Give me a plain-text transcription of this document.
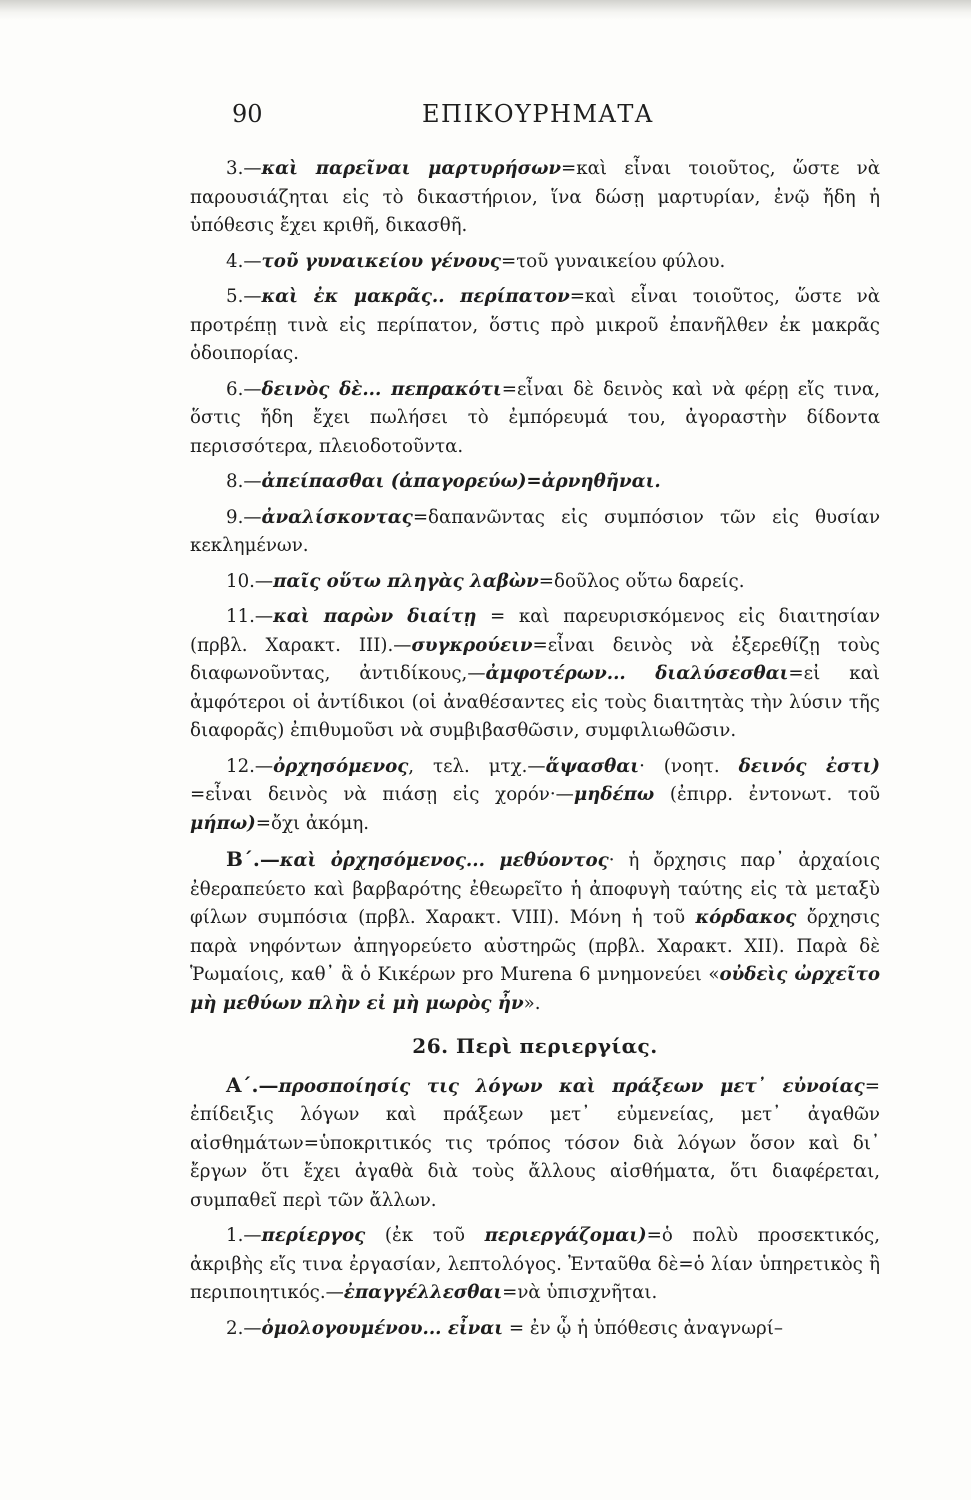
90	ΕΠΙΚΟΥΡΗΜΑΤΑ

3.—καὶ παρεῖναι μαρτυρήσων=καὶ εἶναι τοιοῦτος, ὥστε νὰ παρουσιάζηται εἰς τὸ δικαστήριον, ἵνα δώσῃ μαρτυρίαν, ἐνῷ ἤδη ἡ ὑπόθεσις ἔχει κριθῆ, δικασθῆ.

4.—τοῦ γυναικείου γένους=τοῦ γυναικείου φύλου.

5.—καὶ ἐκ μακρᾶς.. περίπατον=καὶ εἶναι τοιοῦτος, ὥστε νὰ προτρέπῃ τινὰ εἰς περίπατον, ὅστις πρὸ μικροῦ ἐπανῆλθεν ἐκ μακρᾶς ὁδοιπορίας.

6.—δεινὸς δὲ... πεπρακότι=εἶναι δὲ δεινὸς καὶ νὰ φέρῃ εἴς τινα, ὅστις ἤδη ἔχει πωλήσει τὸ ἐμπόρευμά του, ἀγοραστὴν δίδοντα περισσότερα, πλειοδοτοῦντα.

8.—ἀπείπασθαι (ἀπαγορεύω)=ἀρνηθῆναι.

9.—ἀναλίσκοντας=δαπανῶντας εἰς συμπόσιον τῶν εἰς θυσίαν κεκλημένων.

10.—παῖς οὕτω πληγὰς λαβὼν=δοῦλος οὕτω δαρείς.

11.—καὶ παρὼν διαίτῃ = καὶ παρευρισκόμενος εἰς διαιτησίαν (πρβλ. Χαρακτ. III).—συγκρούειν=εἶναι δεινὸς νὰ ἐξερεθίζῃ τοὺς διαφωνοῦντας, ἀντιδίκους,—ἀμφοτέρων... διαλύσεσθαι=εἰ καὶ ἀμφότεροι οἱ ἀντίδικοι (οἱ ἀναθέσαντες εἰς τοὺς διαιτητὰς τὴν λύσιν τῆς διαφορᾶς) ἐπιθυμοῦσι νὰ συμβιβασθῶσιν, συμφιλιωθῶσιν.

12.—ὀρχησόμενος, τελ. μτχ.—ἅψασθαι· (νοητ. δεινός ἐστι) =εἶναι δεινὸς νὰ πιάσῃ εἰς χορόν·—μηδέπω (ἐπιρρ. ἐντονωτ. τοῦ μήπω)=ὄχι ἀκόμη.

Β΄.—καὶ ὀρχησόμενος... μεθύοντος· ἡ ὄρχησις παρ᾽ ἀρχαίοις ἐθεραπεύετο καὶ βαρβαρότης ἐθεωρεῖτο ἡ ἀποφυγὴ ταύτης εἰς τὰ μεταξὺ φίλων συμπόσια (πρβλ. Χαρακτ. VIII). Μόνη ἡ τοῦ κόρδακος ὄρχησις παρὰ νηφόντων ἀπηγορεύετο αὐστηρῶς (πρβλ. Χαρακτ. XII). Παρὰ δὲ Ῥωμαίοις, καθ᾽ ἃ ὁ Κικέρων pro Murena 6 μνημονεύει «οὐδεὶς ὠρχεῖτο μὴ μεθύων πλὴν εἰ μὴ μωρὸς ἦν».

26. Περὶ περιεργίας.

Α΄.—προσποίησίς τις λόγων καὶ πράξεων μετ᾽ εὐνοίας= ἐπίδειξις λόγων καὶ πράξεων μετ᾽ εὐμενείας, μετ᾽ ἀγαθῶν αἰσθημάτων=ὑποκριτικός τις τρόπος τόσον διὰ λόγων ὅσον καὶ δι᾽ ἔργων ὅτι ἔχει ἀγαθὰ διὰ τοὺς ἄλλους αἰσθήματα, ὅτι διαφέρεται, συμπαθεῖ περὶ τῶν ἄλλων.

1.—περίεργος (ἐκ τοῦ περιεργάζομαι)=ὁ πολὺ προσεκτικός, ἀκριβὴς εἴς τινα ἐργασίαν, λεπτολόγος. Ἐνταῦθα δὲ=ὁ λίαν ὑπηρετικὸς ἢ περιποιητικός.—ἐπαγγέλλεσθαι=νὰ ὑπισχνῆται.

2.—ὁμολογουμένου... εἶναι = ἐν ᾧ ἡ ὑπόθεσις ἀναγνωρί–
